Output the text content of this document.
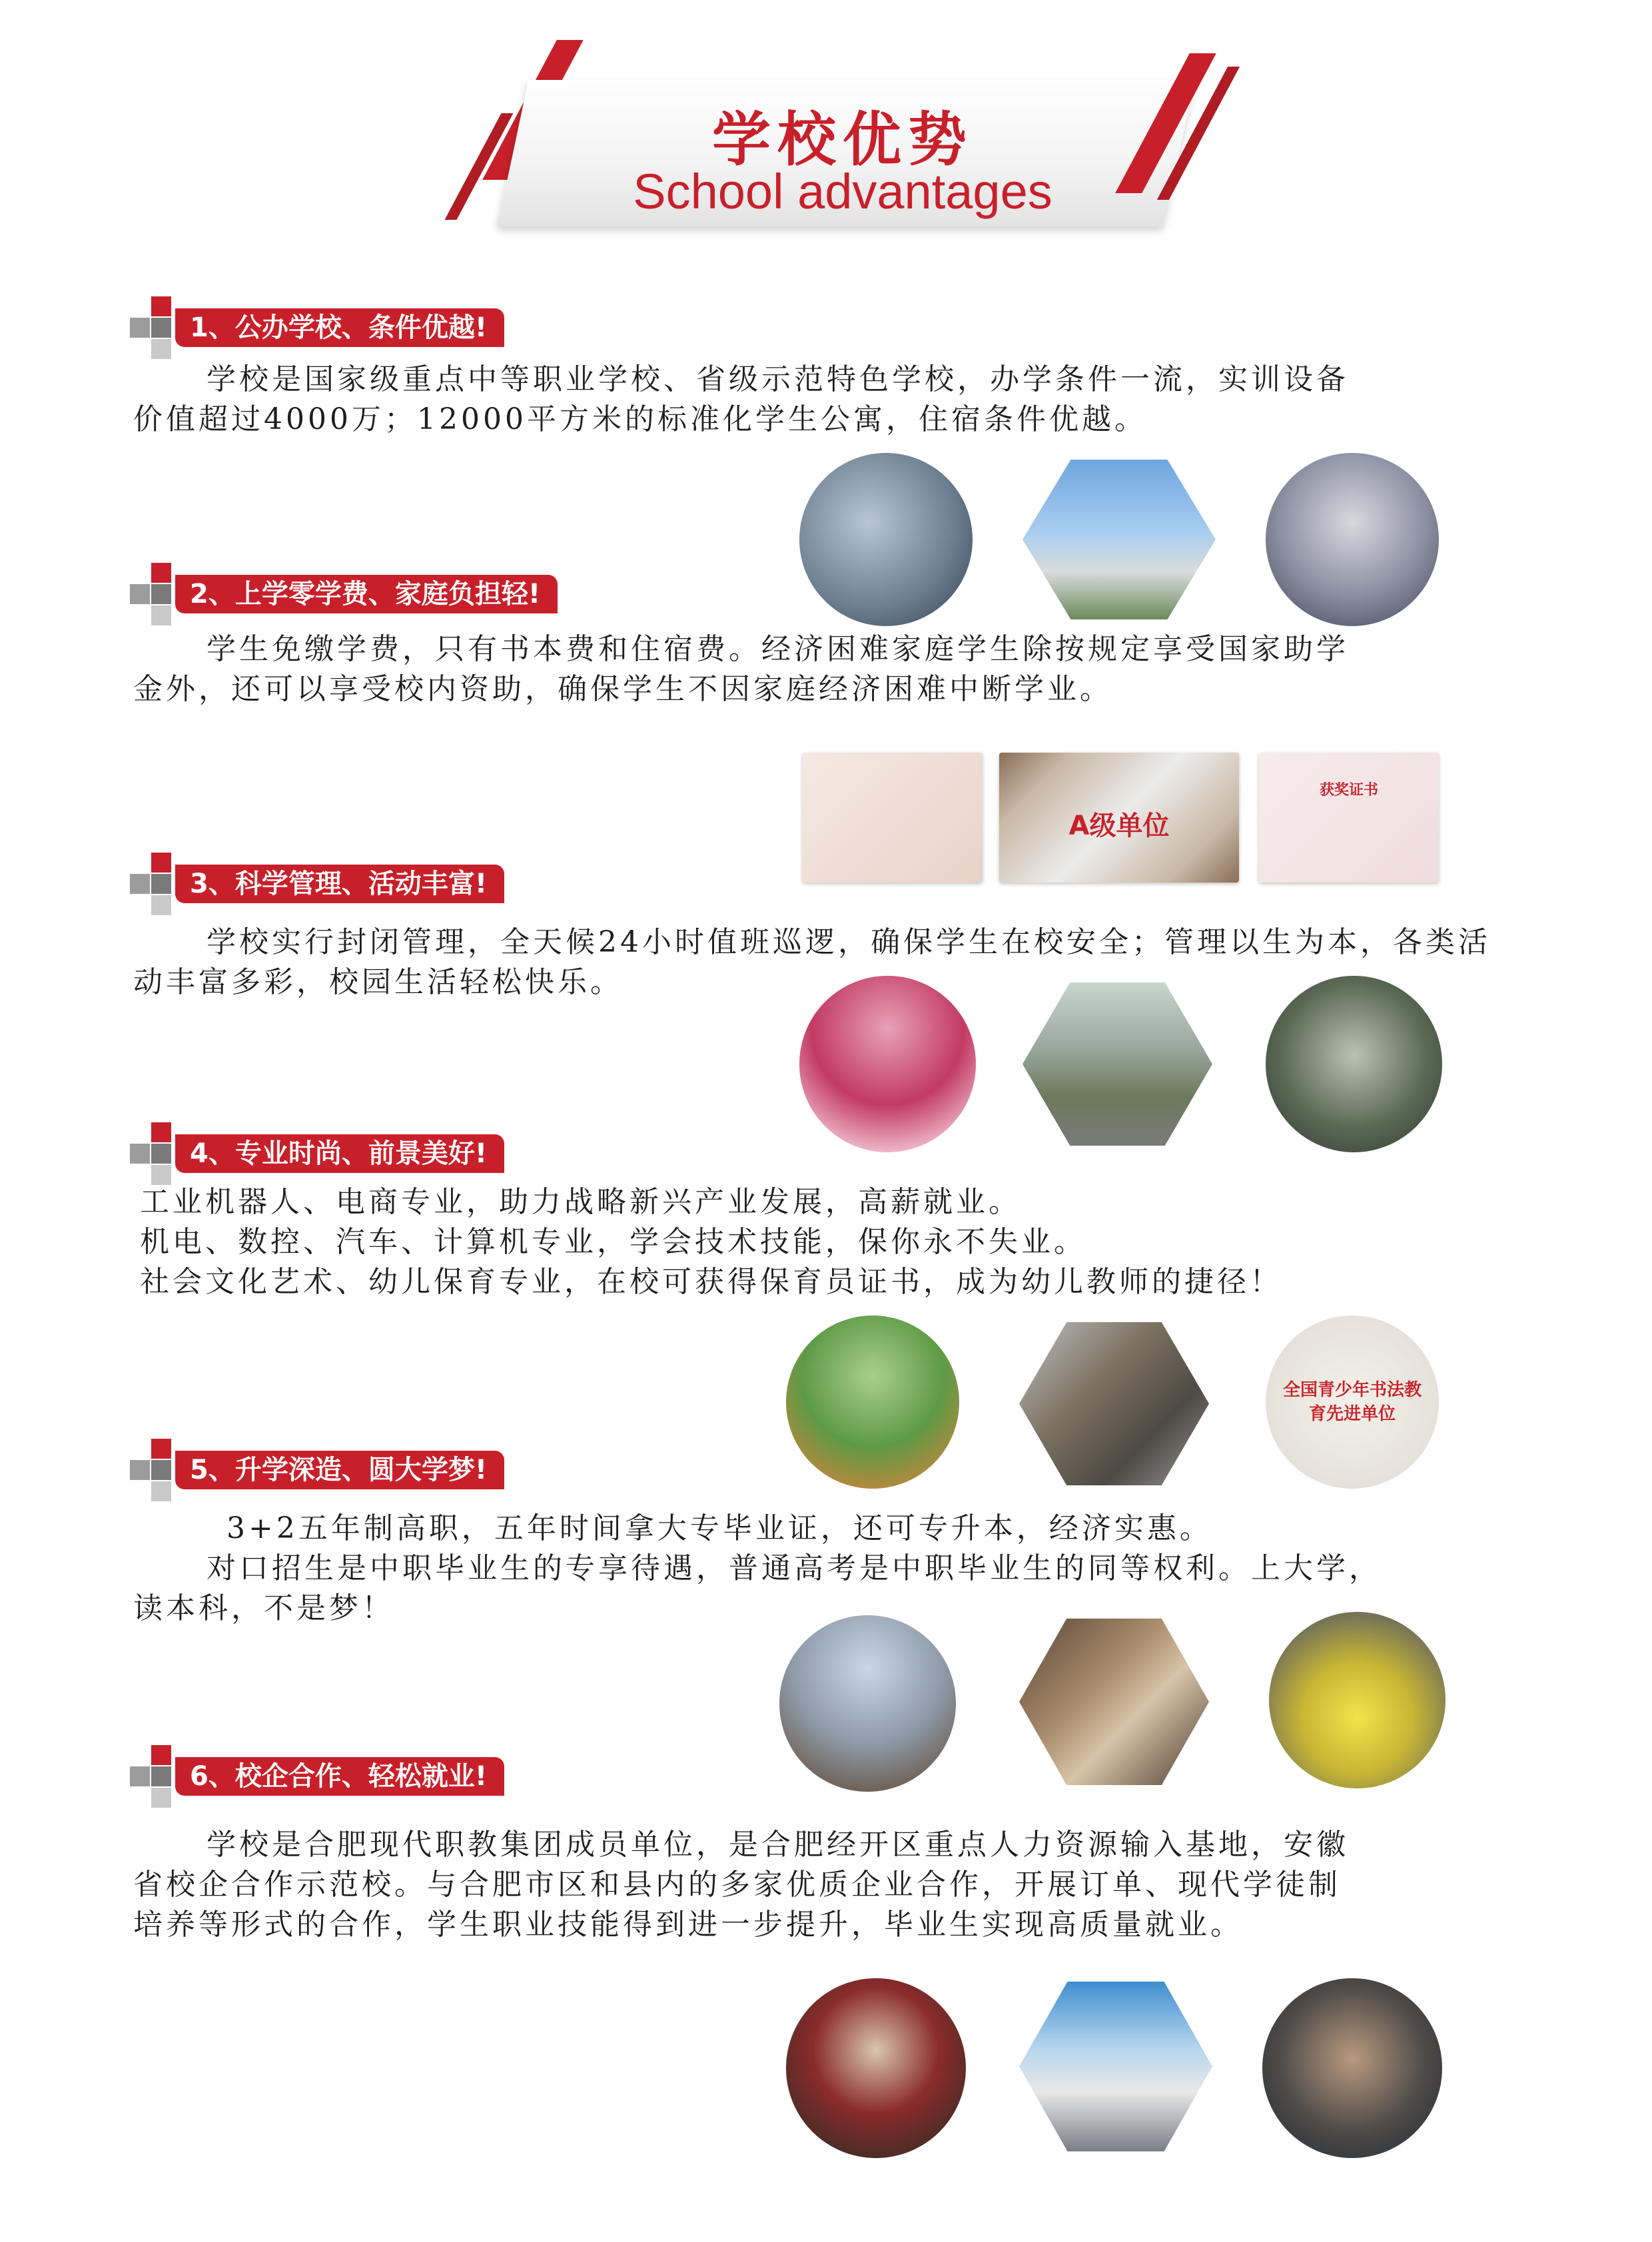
学校优势
School advantages
1、公办学校、条件优越!
学校是国家级重点中等职业学校、省级示范特色学校，办学条件一流，实训设备
价值超过4000万；12000平方米的标准化学生公寓，住宿条件优越。
2、上学零学费、家庭负担轻!
学生免缴学费，只有书本费和住宿费。经济困难家庭学生除按规定享受国家助学
金外，还可以享受校内资助，确保学生不因家庭经济困难中断学业。
A级单位
获奖证书
3、科学管理、活动丰富!
学校实行封闭管理，全天候24小时值班巡逻，确保学生在校安全；管理以生为本，各类活
动丰富多彩，校园生活轻松快乐。
4、专业时尚、前景美好!
工业机器人、电商专业，助力战略新兴产业发展，高薪就业。
机电、数控、汽车、计算机专业，学会技术技能，保你永不失业。
社会文化艺术、幼儿保育专业，在校可获得保育员证书，成为幼儿教师的捷径！
全国青少年书法教育先进单位
5、升学深造、圆大学梦!
3+2五年制高职，五年时间拿大专毕业证，还可专升本，经济实惠。
对口招生是中职毕业生的专享待遇，普通高考是中职毕业生的同等权利。上大学，
读本科，不是梦！
6、校企合作、轻松就业!
学校是合肥现代职教集团成员单位，是合肥经开区重点人力资源输入基地，安徽
省校企合作示范校。与合肥市区和县内的多家优质企业合作，开展订单、现代学徒制
培养等形式的合作，学生职业技能得到进一步提升，毕业生实现高质量就业。
